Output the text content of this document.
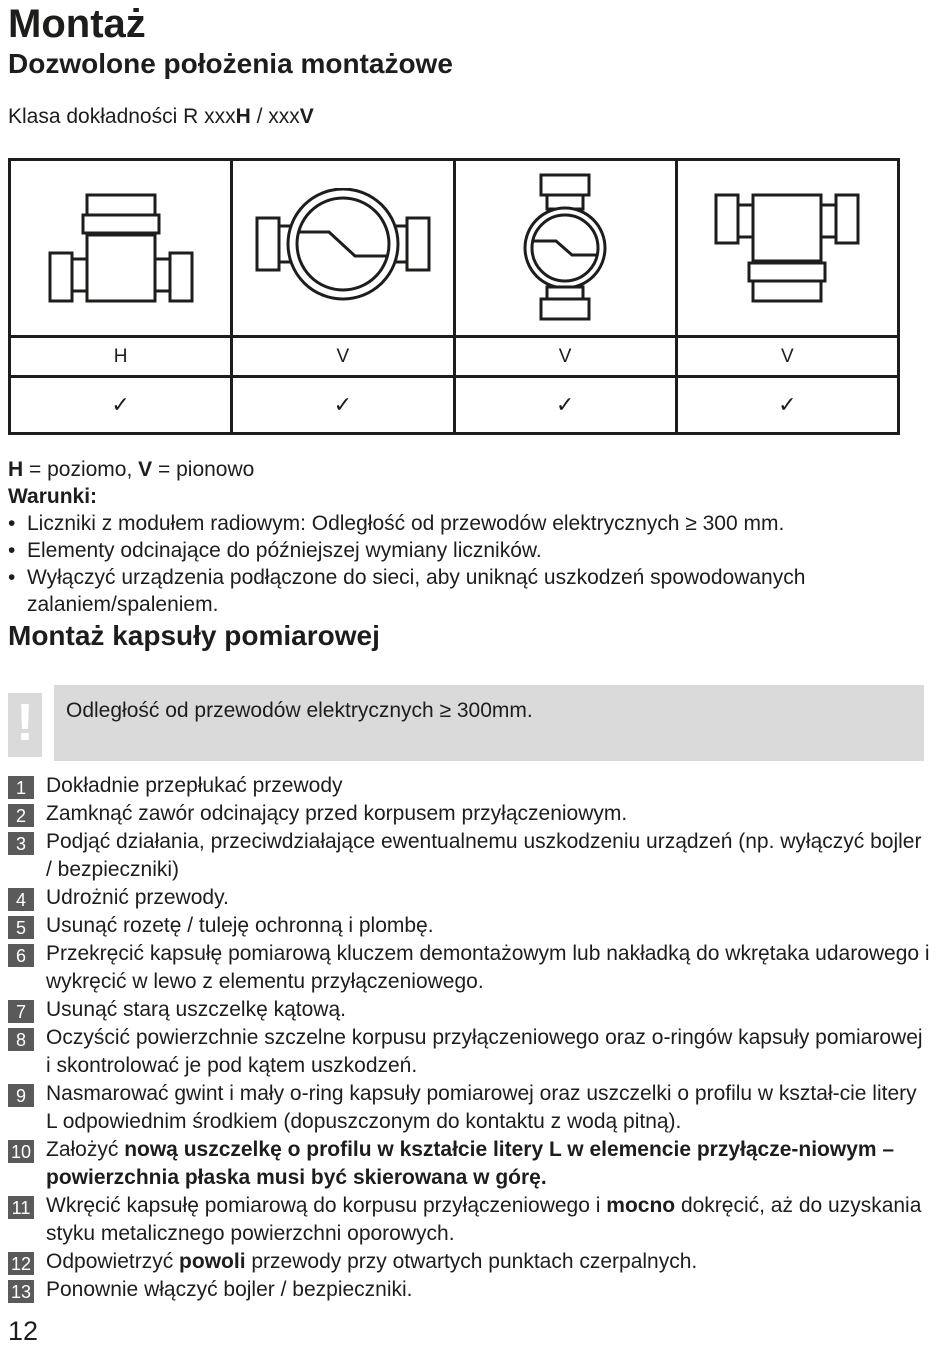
Montaż
Dozwolone położenia montażowe
Klasa dokładności R xxxH / xxxV

H	V	V	V
✓	✓	✓	✓
H = poziomo, V = pionowo
Warunki:
• Liczniki z modułem radiowym: Odległość od przewodów elektrycznych ≥ 300 mm.
• Elementy odcinające do późniejszej wymiany liczników.
• Wyłączyć urządzenia podłączone do sieci, aby uniknąć uszkodzeń spowodowanych zalaniem/spaleniem.
Montaż kapsuły pomiarowej
!	Odległość od przewodów elektrycznych ≥ 300mm.
1 Dokładnie przepłukać przewody
2 Zamknąć zawór odcinający przed korpusem przyłączeniowym.
3 Podjąć działania, przeciwdziałające ewentualnemu uszkodzeniu urządzeń (np. wyłączyć bojler / bezpieczniki)
4 Udrożnić przewody.
5 Usunąć rozetę / tuleję ochronną i plombę.
6 Przekręcić kapsułę pomiarową kluczem demontażowym lub nakładką do wkrętaka udarowego i wykręcić w lewo z elementu przyłączeniowego.
7 Usunąć starą uszczelkę kątową.
8 Oczyścić powierzchnie szczelne korpusu przyłączeniowego oraz o-ringów kapsuły pomiarowej i skontrolować je pod kątem uszkodzeń.
9 Nasmarować gwint i mały o-ring kapsuły pomiarowej oraz uszczelki o profilu w kształ-cie litery L odpowiednim środkiem (dopuszczonym do kontaktu z wodą pitną).
10 Założyć nową uszczelkę o profilu w kształcie litery L w elemencie przyłącze-niowym – powierzchnia płaska musi być skierowana w górę.
11 Wkręcić kapsułę pomiarową do korpusu przyłączeniowego i mocno dokręcić, aż do uzyskania styku metalicznego powierzchni oporowych.
12 Odpowietrzyć powoli przewody przy otwartych punktach czerpalnych.
13 Ponownie włączyć bojler / bezpieczniki.
12
